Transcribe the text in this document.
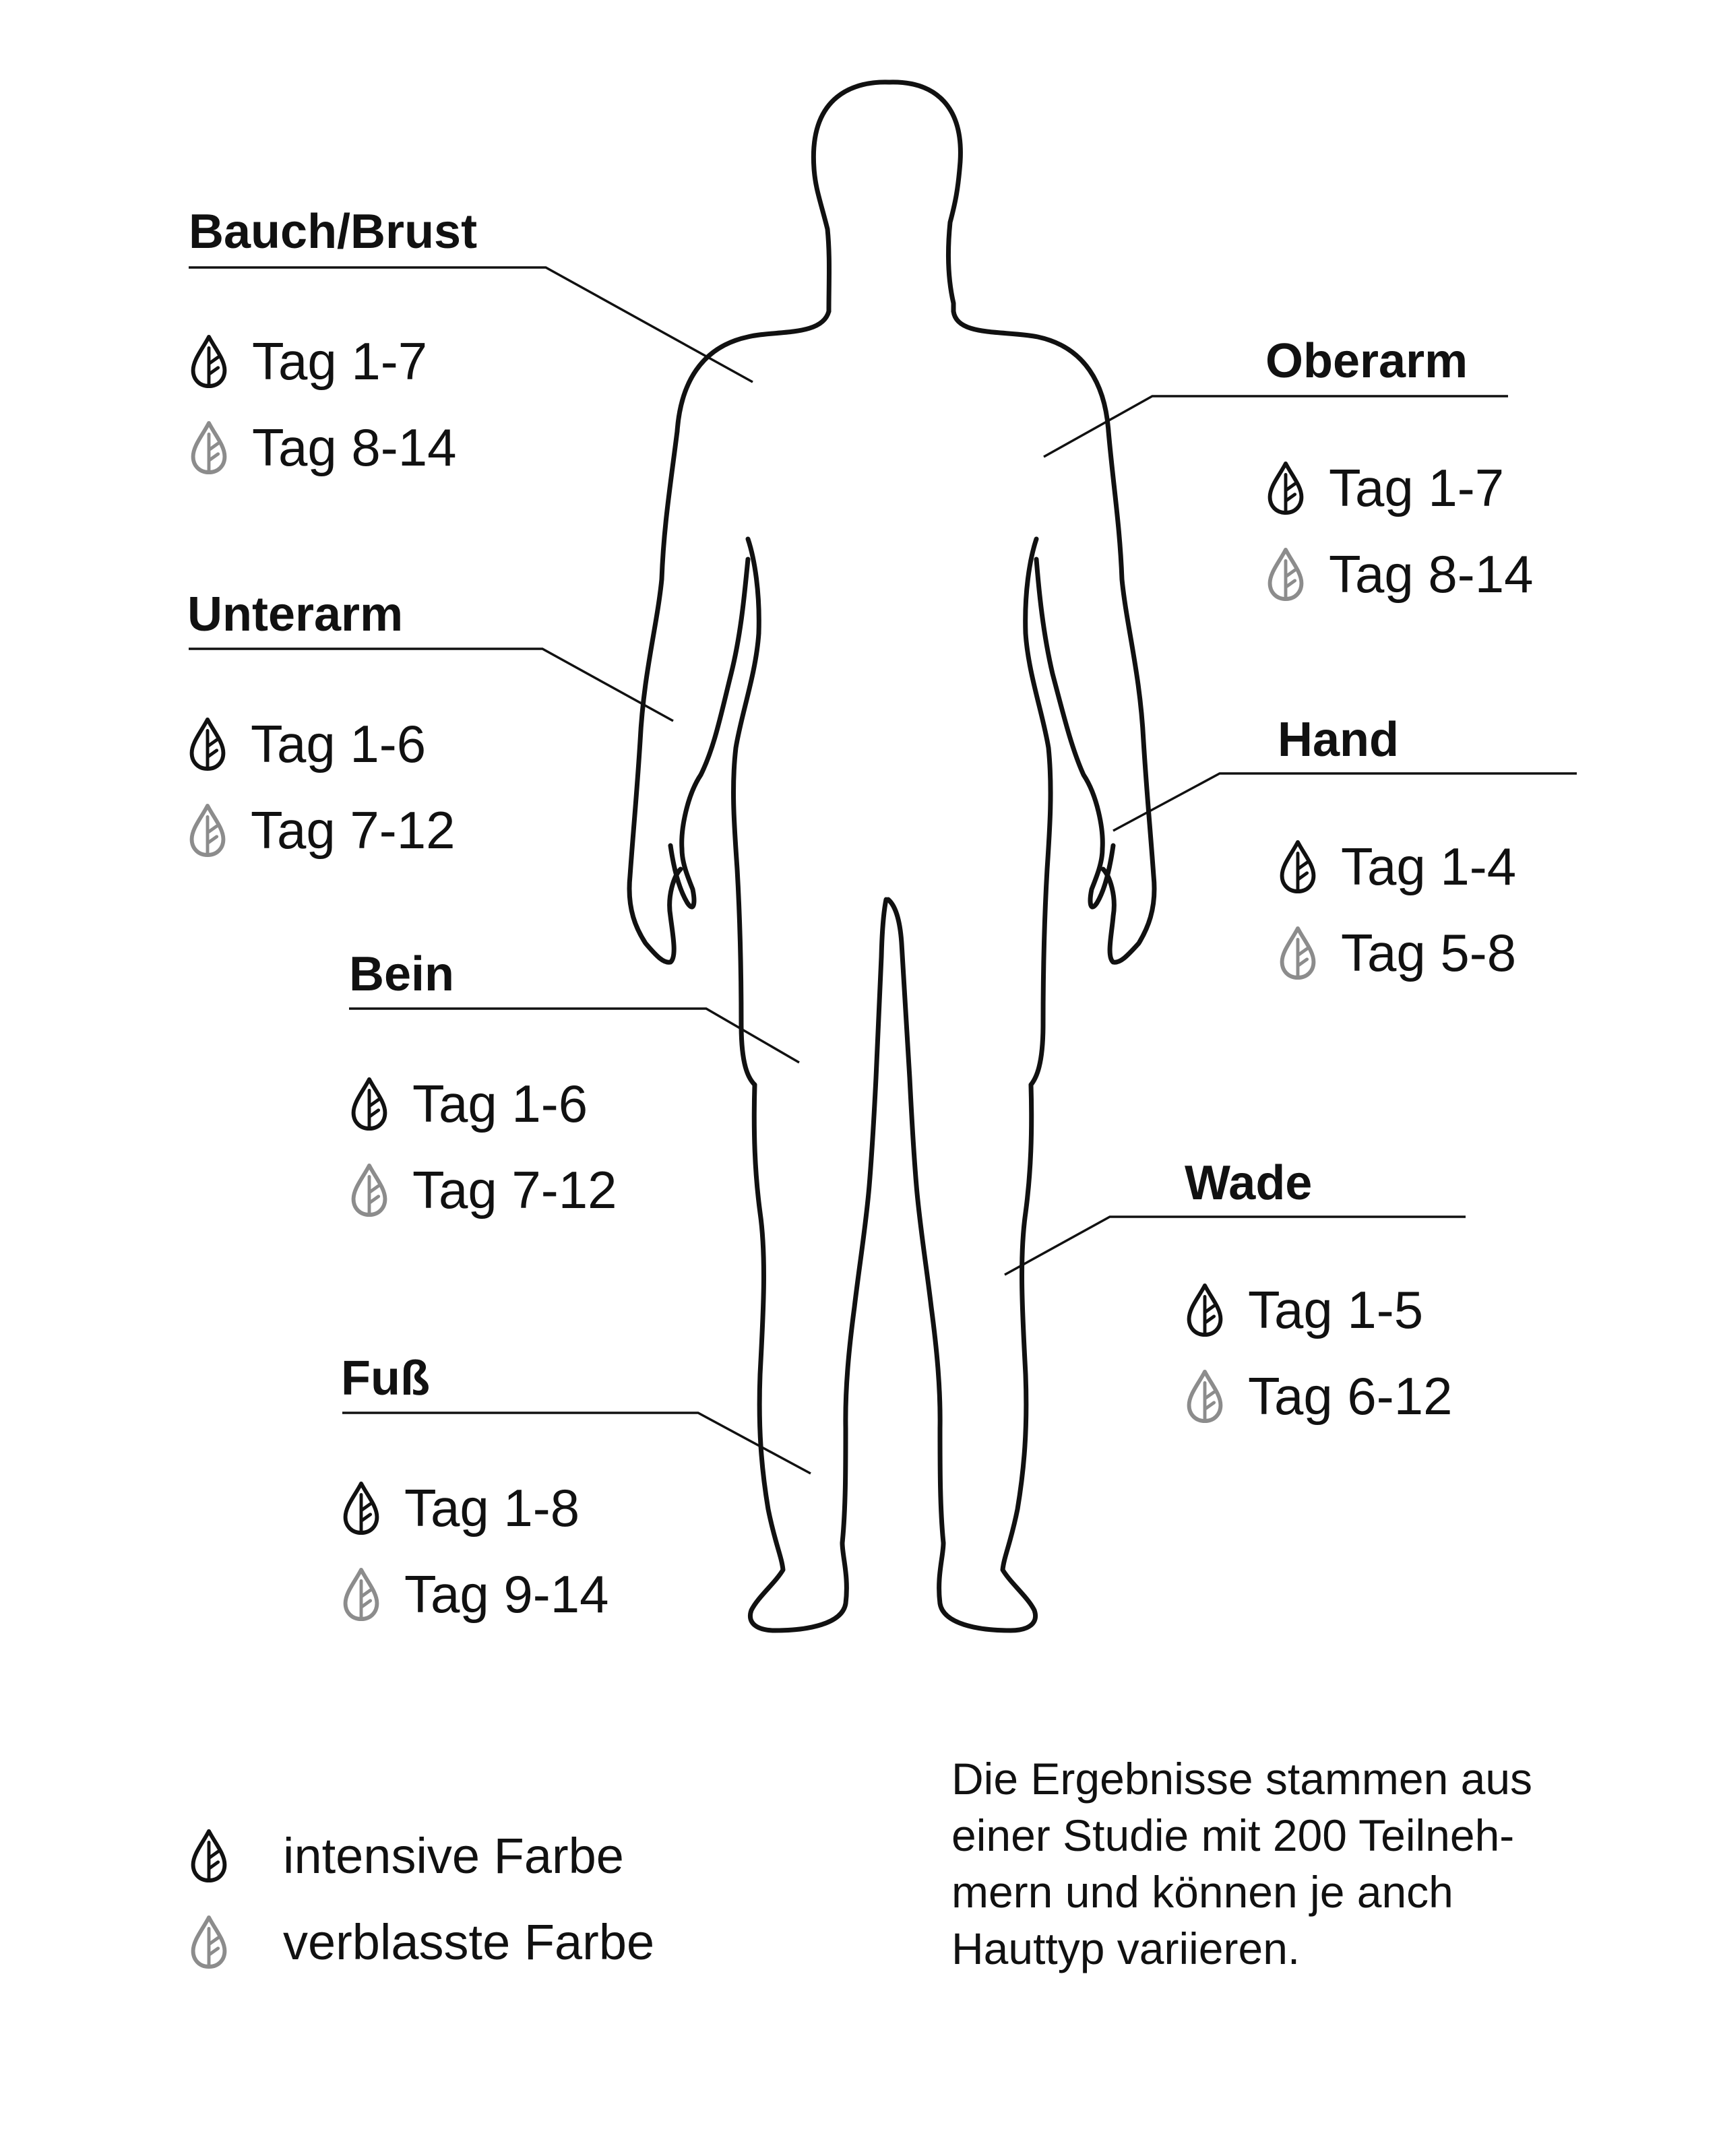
Bauch/Brust
Tag 1-7
Tag 8-14
Oberarm
Tag 1-7
Tag 8-14
Unterarm
Tag 1-6
Tag 7-12
Hand
Tag 1-4
Tag 5-8
Bein
Tag 1-6
Tag 7-12	Wade
Tag 1-5
Tag 6-12
Fuß
Tag 1-8
Tag 9-14
intensive Farbe
verblasste Farbe
Die Ergebnisse stammen aus
einer Studie mit 200 Teilneh-
mern und können je anch
Hauttyp variieren.
